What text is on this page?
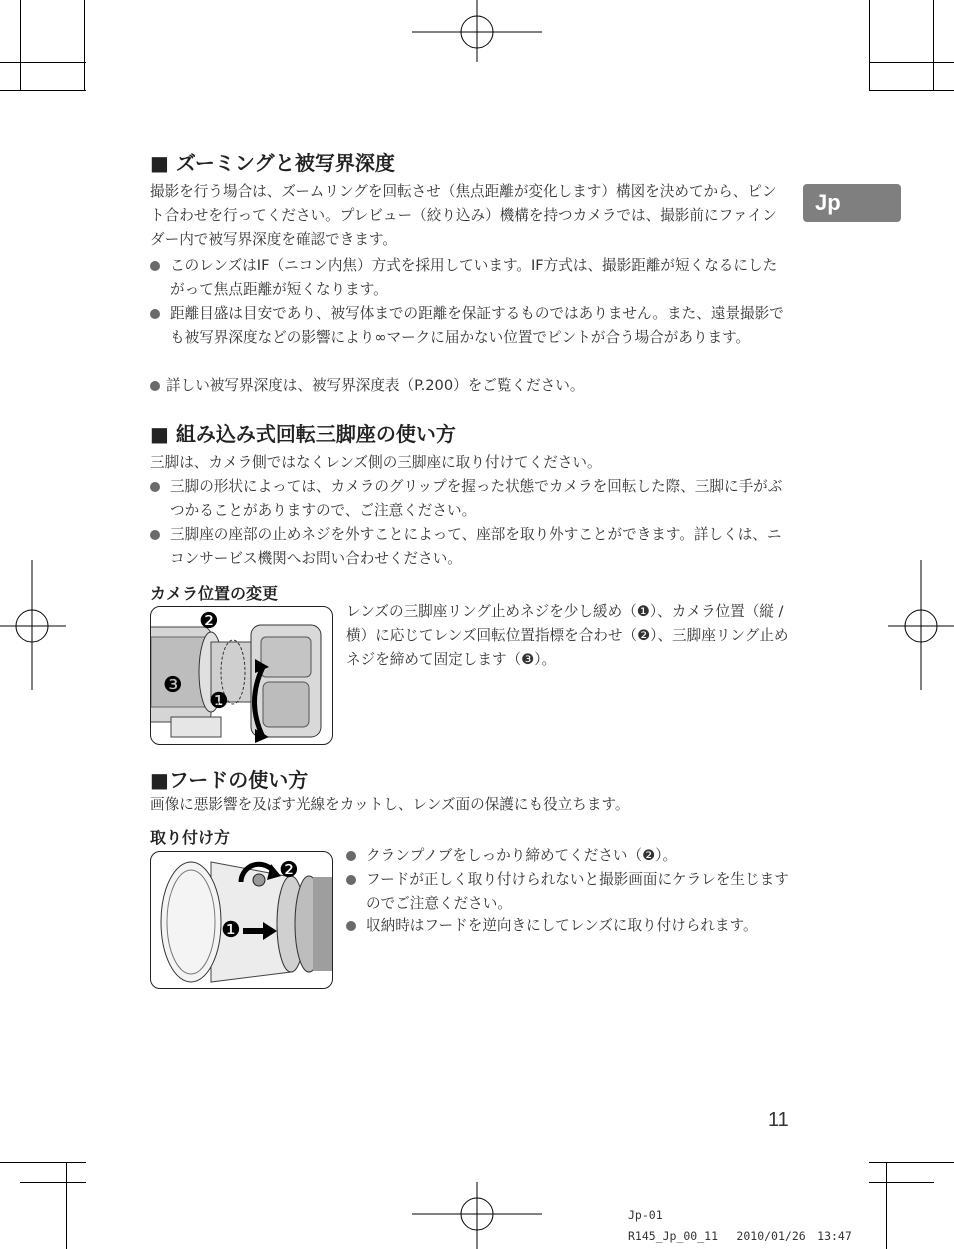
Jp
■ ズーミングと被写界深度
撮影を行う場合は、ズームリングを回転させ（焦点距離が変化します）構図を決めてから、ピント合わせを行ってください。プレビュー（絞り込み）機構を持つカメラでは、撮影前にファインダー内で被写界深度を確認できます。
このレンズはIF（ニコン内焦）方式を採用しています。IF方式は、撮影距離が短くなるにしたがって焦点距離が短くなります。
距離目盛は目安であり、被写体までの距離を保証するものではありません。また、遠景撮影でも被写界深度などの影響により∞マークに届かない位置でピントが合う場合があります。
詳しい被写界深度は、被写界深度表（P.200）をご覧ください。
■ 組み込み式回転三脚座の使い方
三脚は、カメラ側ではなくレンズ側の三脚座に取り付けてください。
三脚の形状によっては、カメラのグリップを握った状態でカメラを回転した際、三脚に手がぶつかることがありますので、ご注意ください。
三脚座の座部の止めネジを外すことによって、座部を取り外すことができます。詳しくは、ニコンサービス機関へお問い合わせください。
カメラ位置の変更
❷
❸
❶
レンズの三脚座リング止めネジを少し緩め（❶）、カメラ位置（縦 / 横）に応じてレンズ回転位置指標を合わせ（❷）、三脚座リング止めネジを締めて固定します（❸）。
■フードの使い方
画像に悪影響を及ぼす光線をカットし、レンズ面の保護にも役立ちます。
取り付け方
❷
❶
クランプノブをしっかり締めてください（❷）。
フードが正しく取り付けられないと撮影画面にケラレを生じますのでご注意ください。
収納時はフードを逆向きにしてレンズに取り付けられます。
11
Jp-01
R145_Jp_00_11　 2010/01/26　13:47
